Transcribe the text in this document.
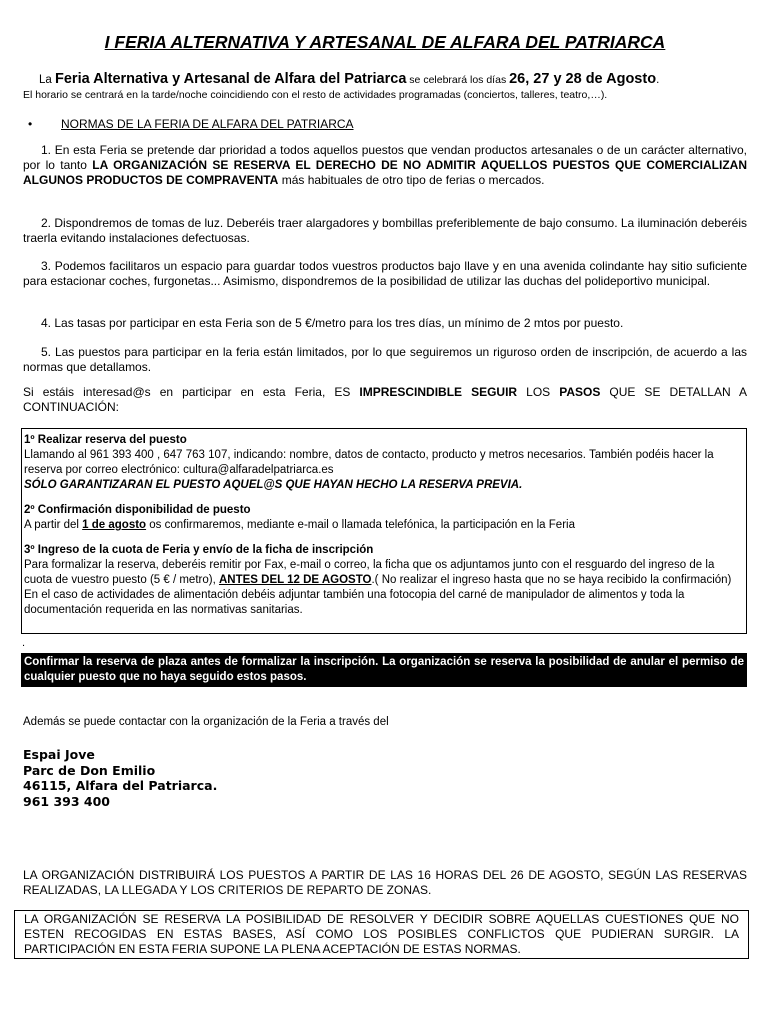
I FERIA ALTERNATIVA Y ARTESANAL DE ALFARA DEL PATRIARCA
La Feria Alternativa y Artesanal de Alfara del Patriarca se celebrará los días 26, 27 y 28 de Agosto.
El horario se centrará en la tarde/noche coincidiendo con el resto de actividades programadas (conciertos, talleres, teatro,…).
• NORMAS DE LA FERIA DE ALFARA DEL PATRIARCA
1. En esta Feria se pretende dar prioridad a todos aquellos puestos que vendan productos artesanales o de un carácter alternativo, por lo tanto LA ORGANIZACIÓN SE RESERVA EL DERECHO DE NO ADMITIR AQUELLOS PUESTOS QUE COMERCIALIZAN ALGUNOS PRODUCTOS DE COMPRAVENTA más habituales de otro tipo de ferias o mercados.
2. Dispondremos de tomas de luz. Deberéis traer alargadores y bombillas preferiblemente de bajo consumo. La iluminación deberéis traerla evitando instalaciones defectuosas.
3. Podemos facilitaros un espacio para guardar todos vuestros productos bajo llave y en una avenida colindante hay sitio suficiente para estacionar coches, furgonetas... Asimismo, dispondremos de la posibilidad de utilizar las duchas del polideportivo municipal.
4. Las tasas por participar en esta Feria son de 5 €/metro para los tres días, un mínimo de 2 mtos por puesto.
5. Las puestos para participar en la feria están limitados, por lo que seguiremos un riguroso orden de inscripción, de acuerdo a las normas que detallamos.
Si estáis interesad@s en participar en esta Feria, ES IMPRESCINDIBLE SEGUIR LOS PASOS QUE SE DETALLAN A CONTINUACIÓN:
1º Realizar reserva del puesto
Llamando al 961 393 400 , 647 763 107, indicando: nombre, datos de contacto, producto y metros necesarios. También podéis hacer la reserva por correo electrónico: cultura@alfaradelpatriarca.es
SÓLO GARANTIZARAN EL PUESTO AQUEL@S QUE HAYAN HECHO LA RESERVA PREVIA.
2º Confirmación disponibilidad de puesto
A partir del 1 de agosto os confirmaremos, mediante e-mail o llamada telefónica, la participación en la Feria
3º Ingreso de la cuota de Feria y envío de la ficha de inscripción
Para formalizar la reserva, deberéis remitir por Fax, e-mail o correo, la ficha que os adjuntamos junto con el resguardo del ingreso de la cuota de vuestro puesto (5 € / metro), ANTES DEL 12 DE AGOSTO.( No realizar el ingreso hasta que no se haya recibido la confirmación)
En el caso de actividades de alimentación debéis adjuntar también una fotocopia del carné de manipulador de alimentos y toda la documentación requerida en las normativas sanitarias.
.
Confirmar la reserva de plaza antes de formalizar la inscripción. La organización se reserva la posibilidad de anular el permiso de cualquier puesto que no haya seguido estos pasos.
Además se puede contactar con la organización de la Feria a través del
Espai Jove
Parc de Don Emilio
46115, Alfara del Patriarca.
961 393 400
LA ORGANIZACIÓN DISTRIBUIRÁ LOS PUESTOS A PARTIR DE LAS 16 HORAS DEL 26 DE AGOSTO, SEGÚN LAS RESERVAS REALIZADAS, LA LLEGADA Y LOS CRITERIOS DE REPARTO DE ZONAS.
LA ORGANIZACIÓN SE RESERVA LA POSIBILIDAD DE RESOLVER Y DECIDIR SOBRE AQUELLAS CUESTIONES QUE NO ESTEN RECOGIDAS EN ESTAS BASES, ASÍ COMO LOS POSIBLES CONFLICTOS QUE PUDIERAN SURGIR. LA PARTICIPACIÓN EN ESTA FERIA SUPONE LA PLENA ACEPTACIÓN DE ESTAS NORMAS.
